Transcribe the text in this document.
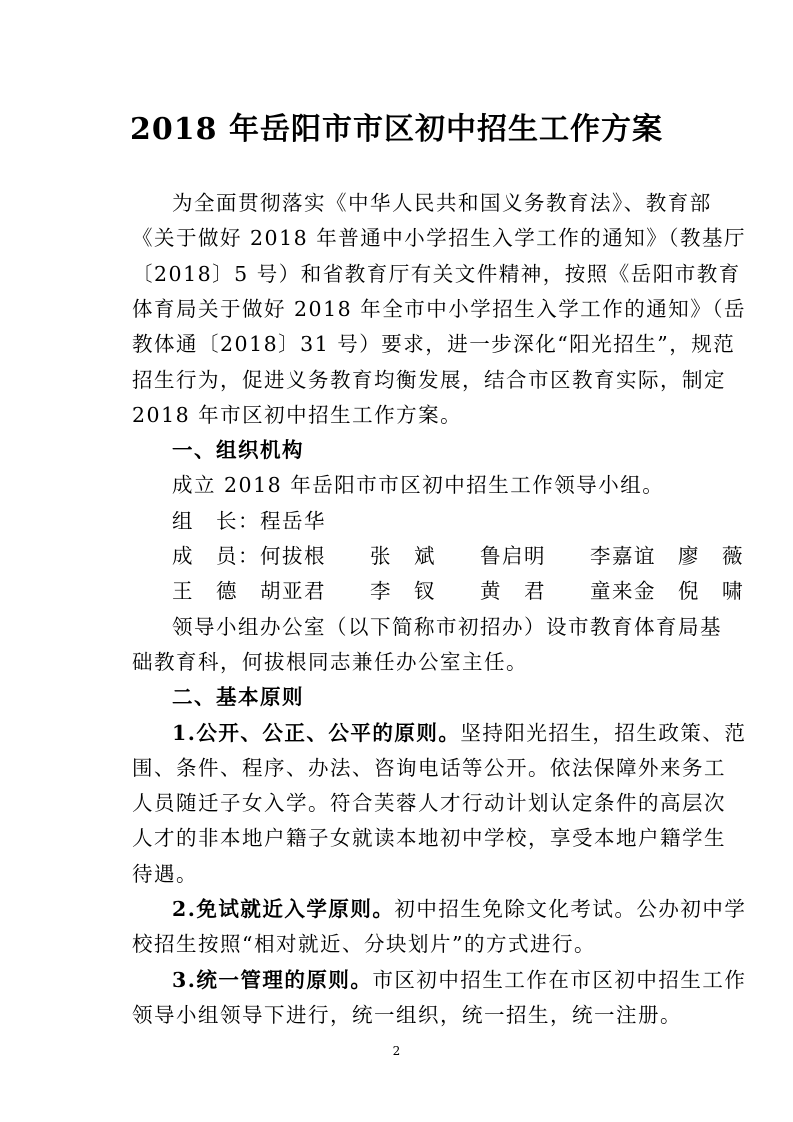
2018 年岳阳市市区初中招生工作方案
为全面贯彻落实《中华人民共和国义务教育法》、教育部
《关于做好 2018 年普通中小学招生入学工作的通知》（教基厅
〔2018〕5 号）和省教育厅有关文件精神，按照《岳阳市教育
体育局关于做好 2018 年全市中小学招生入学工作的通知》（岳
教体通〔2018〕31 号）要求，进一步深化“阳光招生”，规范
招生行为，促进义务教育均衡发展，结合市区教育实际，制定
2018 年市区初中招生工作方案。
一、组织机构
成立 2018 年岳阳市市区初中招生工作领导小组。
组　长：程岳华
成　员：何拔根　　张　斌　　鲁启明　　李嘉谊　廖　薇
王　德　胡亚君　　李　钗　　黄　君　　童来金　倪　啸
领导小组办公室（以下简称市初招办）设市教育体育局基
础教育科，何拔根同志兼任办公室主任。
二、基本原则
1.公开、公正、公平的原则。坚持阳光招生，招生政策、范
围、条件、程序、办法、咨询电话等公开。依法保障外来务工
人员随迁子女入学。符合芙蓉人才行动计划认定条件的高层次
人才的非本地户籍子女就读本地初中学校，享受本地户籍学生
待遇。
2.免试就近入学原则。初中招生免除文化考试。公办初中学
校招生按照“相对就近、分块划片”的方式进行。
3.统一管理的原则。市区初中招生工作在市区初中招生工作
领导小组领导下进行，统一组织，统一招生，统一注册。
2
